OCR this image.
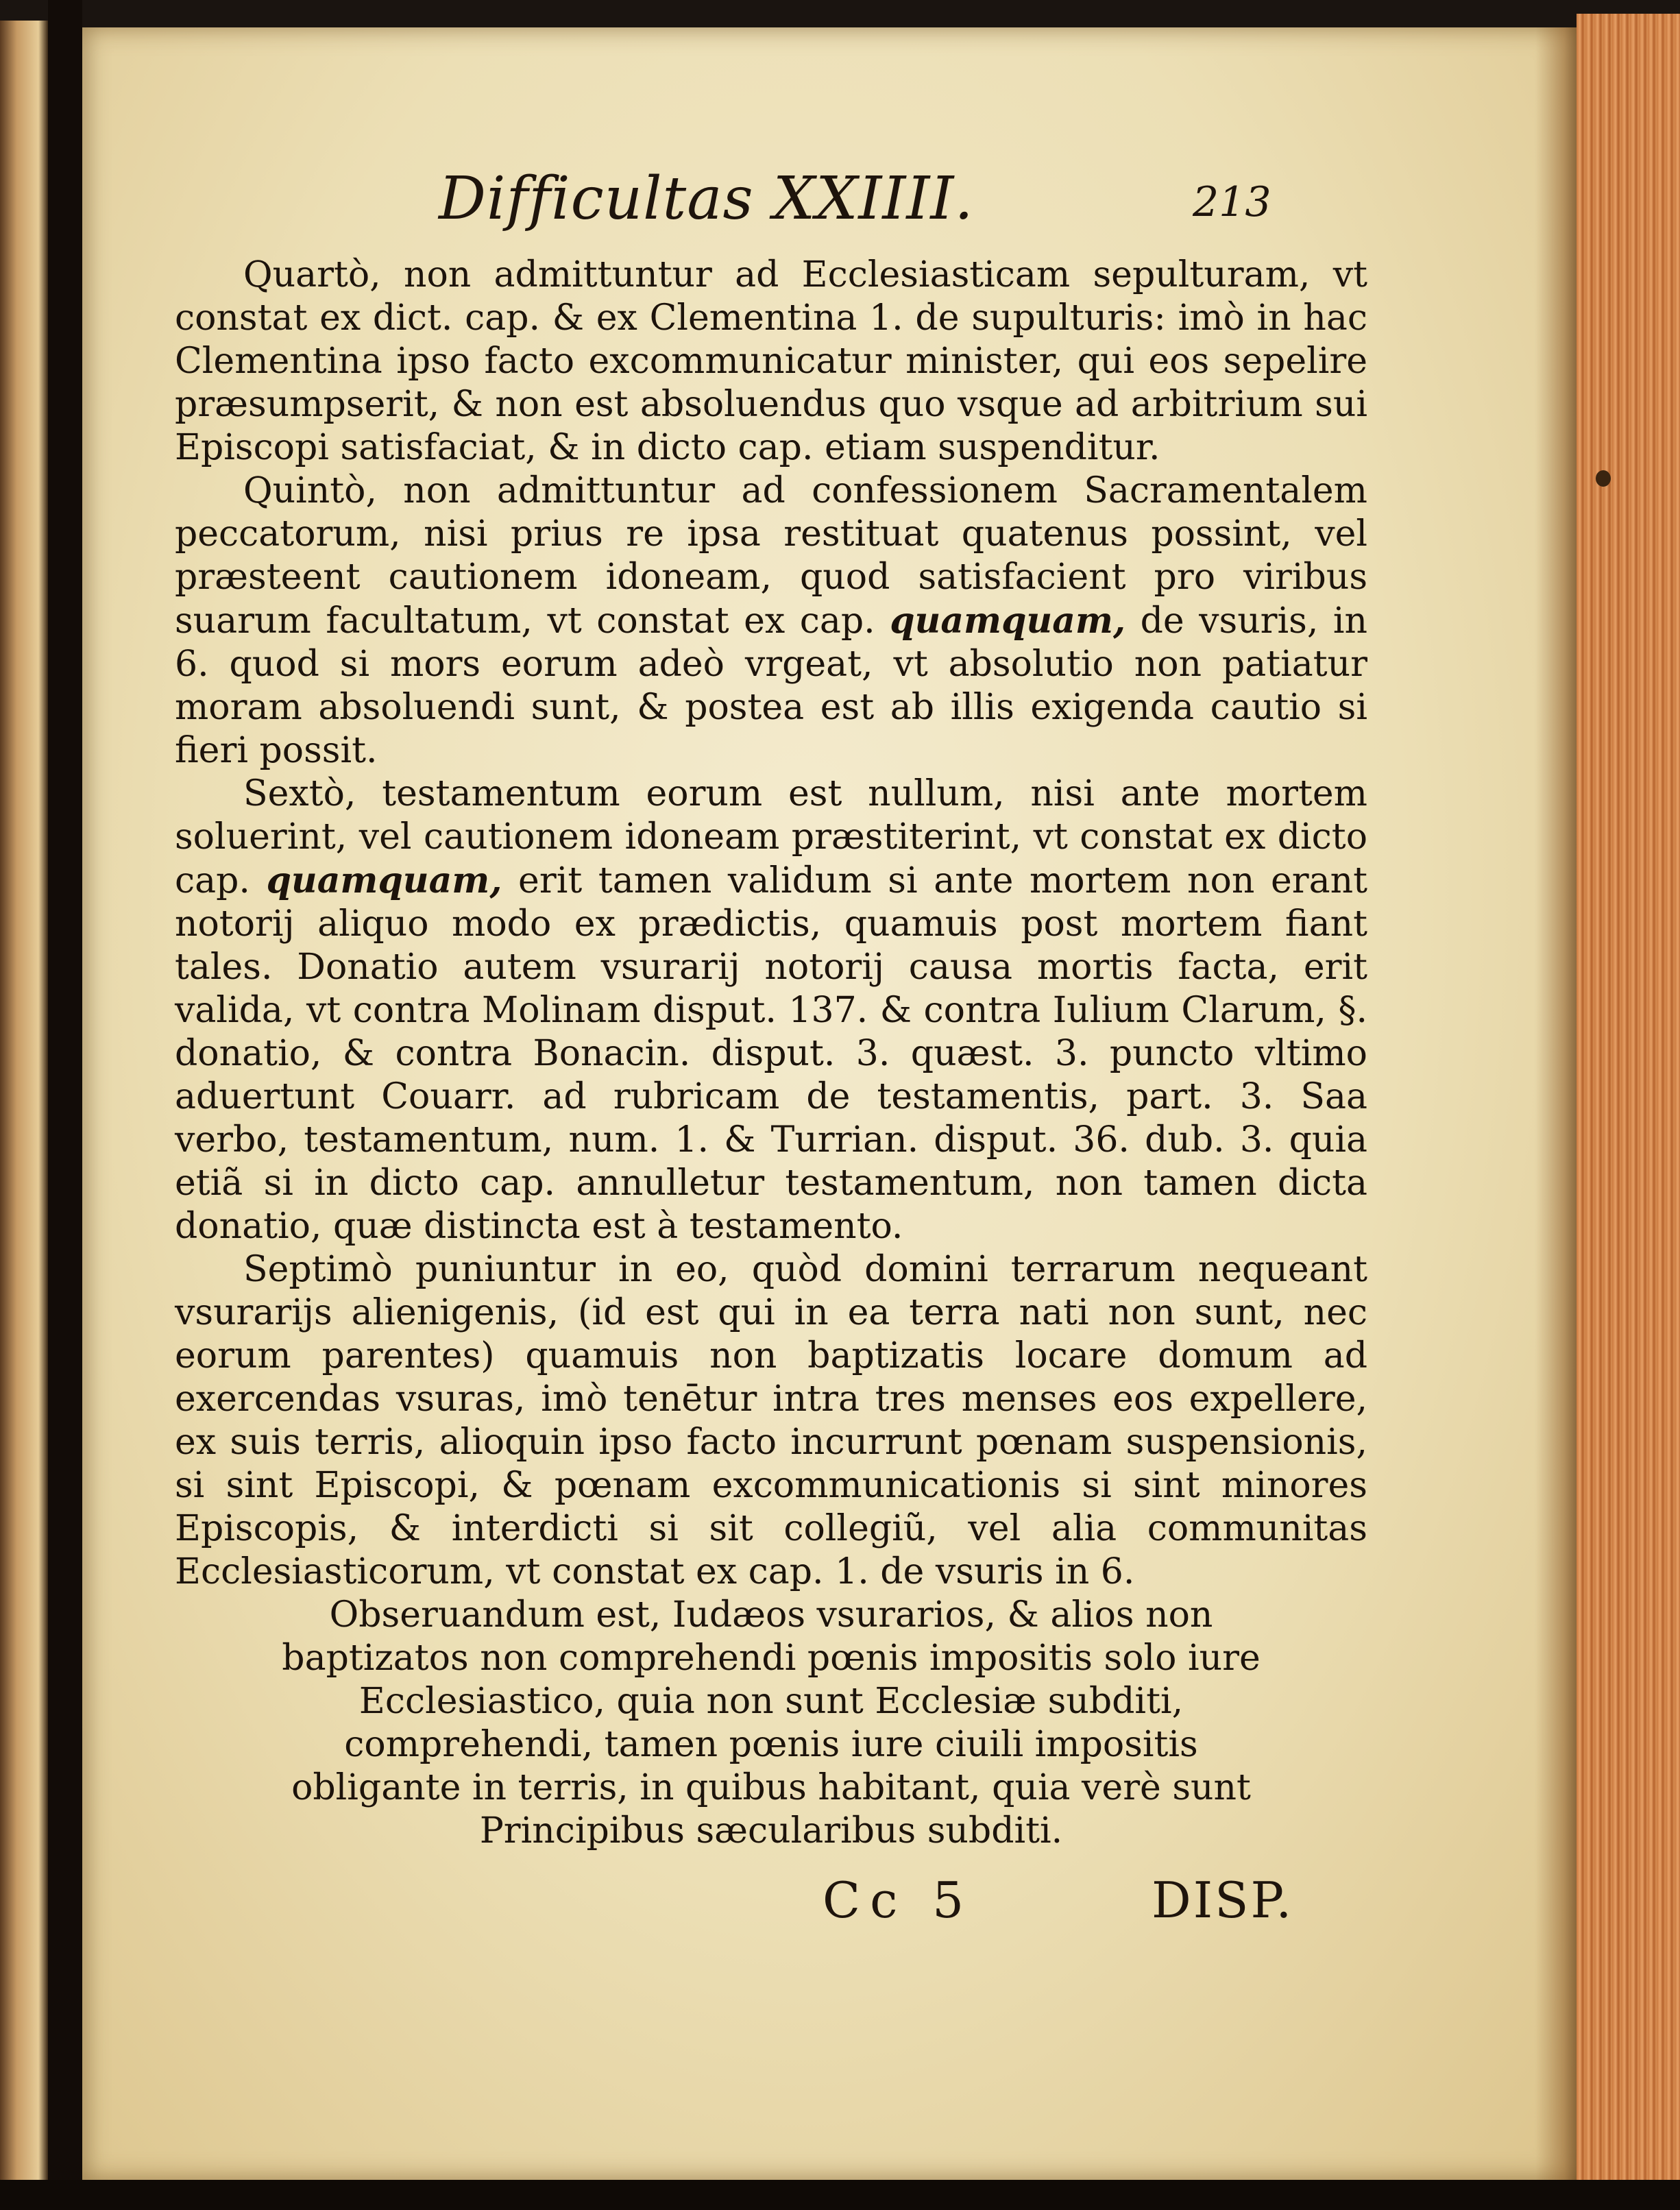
Difficultas XXIIII.	213

Quartò, non admittuntur ad Ecclesiasticam sepulturam, vt constat ex dict. cap. & ex Clementina 1. de supulturis: imò in hac Clementina ipso facto excommunicatur minister, qui eos sepelire præsumpserit, & non est absoluendus quo vsque ad arbitrium sui Episcopi satisfaciat, & in dicto cap. etiam suspenditur.

Quintò, non admittuntur ad confessionem Sacramentalem peccatorum, nisi prius re ipsa restituat quatenus possint, vel præsteent cautionem idoneam, quod satisfacient pro viribus suarum facultatum, vt constat ex cap. quamquam, de vsuris, in 6. quod si mors eorum adeò vrgeat, vt absolutio non patiatur moram absoluendi sunt, & postea est ab illis exigenda cautio si fieri possit.

Sextò, testamentum eorum est nullum, nisi ante mortem soluerint, vel cautionem idoneam præstiterint, vt constat ex dicto cap. quamquam, erit tamen validum si ante mortem non erant notorij aliquo modo ex prædictis, quamuis post mortem fiant tales. Donatio autem vsurarij notorij causa mortis facta, erit valida, vt contra Molinam disput. 137. & contra Iulium Clarum, §. donatio, & contra Bonacin. disput. 3. quæst. 3. puncto vltimo aduertunt Couarr. ad rubricam de testamentis, part. 3. Saa verbo, testamentum, num. 1. & Turrian. disput. 36. dub. 3. quia etiã si in dicto cap. annulletur testamentum, non tamen dicta donatio, quæ distincta est à testamento.

Septimò puniuntur in eo, quòd domini terrarum nequeant vsurarijs alienigenis, (id est qui in ea terra nati non sunt, nec eorum parentes) quamuis non baptizatis locare domum ad exercendas vsuras, imò tenētur intra tres menses eos expellere, ex suis terris, alioquin ipso facto incurrunt pœnam suspensionis, si sint Episcopi, & pœnam excommunicationis si sint minores Episcopis, & interdicti si sit collegiũ, vel alia communitas Ecclesiasticorum, vt constat ex cap. 1. de vsuris in 6.

Obseruandum est, Iudæos vsurarios, & alios non baptizatos non comprehendi pœnis impositis solo iure Ecclesiastico, quia non sunt Ecclesiæ subditi, comprehendi, tamen pœnis iure ciuili impositis obligante in terris, in quibus habitant, quia verè sunt Principibus sæcularibus subditi.

Cc 5	DISP.
